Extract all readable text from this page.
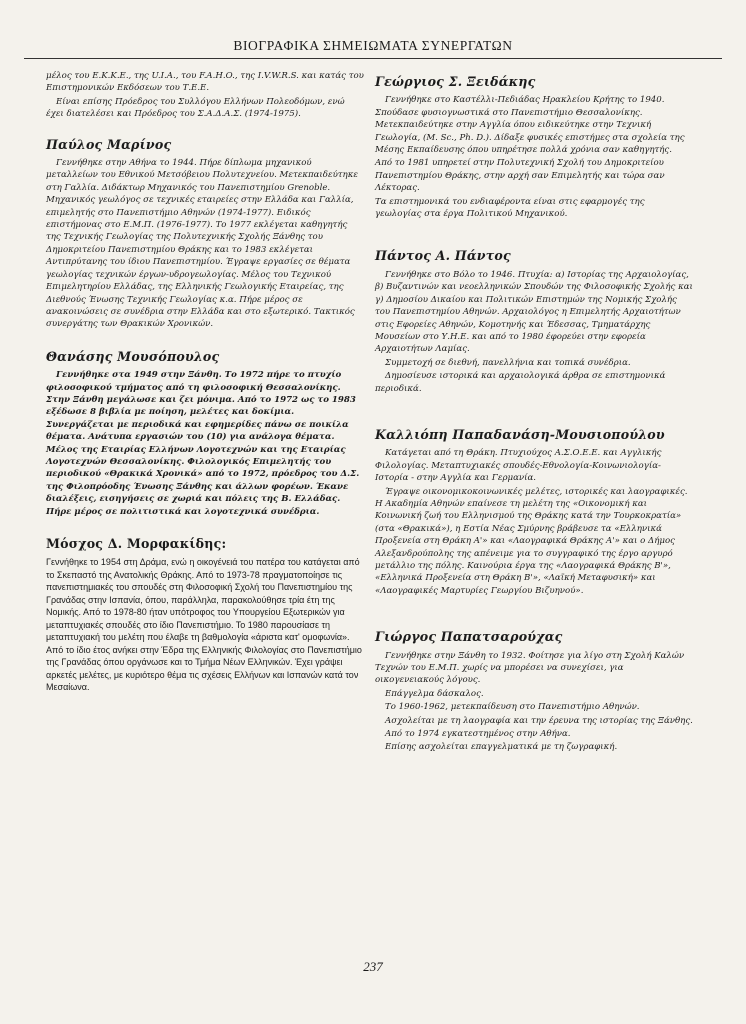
ΒΙΟΓΡΑΦΙΚΑ ΣΗΜΕΙΩΜΑΤΑ ΣΥΝΕΡΓΑΤΩΝ

μέλος του Ε.Κ.Κ.Ε., της U.I.A., του F.A.H.O., της I.V.W.R.S. και κατάς του Επιστημονικών Εκδόσεων του Τ.Ε.Ε.

Είναι επίσης Πρόεδρος του Συλλόγου Ελλήνων Πολεοδόμων, ενώ έχει διατελέσει και Πρόεδρος του Σ.Α.Δ.Α.Σ. (1974-1975).

Παύλος Μαρίνος

Γεννήθηκε στην Αθήνα το 1944. Πήρε δίπλωμα μηχανικού μεταλλείων του Εθνικού Μετσόβειου Πολυτεχνείου. Μετεκπαιδεύτηκε στη Γαλλία. Διδάκτωρ Μηχανικός του Πανεπιστημίου Grenoble. Μηχανικός γεωλόγος σε τεχνικές εταιρείες στην Ελλάδα και Γαλλία, επιμελητής στο Πανεπιστήμιο Αθηνών (1974-1977). Ειδικός επιστήμονας στο Ε.Μ.Π. (1976-1977). Το 1977 εκλέγεται καθηγητής της Τεχνικής Γεωλογίας της Πολυτεχνικής Σχολής Ξάνθης του Δημοκριτείου Πανεπιστημίου Θράκης και το 1983 εκλέγεται Αντιπρύτανης του ίδιου Πανεπιστημίου. Έγραψε εργασίες σε θέματα γεωλογίας τεχνικών έργων-υδρογεωλογίας. Μέλος του Τεχνικού Επιμελητηρίου Ελλάδας, της Ελληνικής Γεωλογικής Εταιρείας, της Διεθνούς Ένωσης Τεχνικής Γεωλογίας κ.α. Πήρε μέρος σε ανακοινώσεις σε συνέδρια στην Ελλάδα και στο εξωτερικό. Τακτικός συνεργάτης των Θρακικών Χρονικών.

Θανάσης Μουσόπουλος

Γεννήθηκε στα 1949 στην Ξάνθη. Το 1972 πήρε το πτυχίο φιλοσοφικού τμήματος από τη φιλοσοφική Θεσσαλονίκης. Στην Ξάνθη μεγάλωσε και ζει μόνιμα. Από το 1972 ως το 1983 εξέδωσε 8 βιβλία με ποίηση, μελέτες και δοκίμια. Συνεργάζεται με περιοδικά και εφημερίδες πάνω σε ποικίλα θέματα. Ανάτυπα εργασιών του (10) για ανάλογα θέματα. Μέλος της Εταιρίας Ελλήνων Λογοτεχνών και της Εταιρίας Λογοτεχνών Θεσσαλονίκης. Φιλολογικός Επιμελητής του περιοδικού «Θρακικά Χρονικά» από το 1972, πρόεδρος του Δ.Σ. της Φιλοπρόοδης Ένωσης Ξάνθης και άλλων φορέων. Έκανε διαλέξεις, εισηγήσεις σε χωριά και πόλεις της Β. Ελλάδας. Πήρε μέρος σε πολιτιστικά και λογοτεχνικά συνέδρια.

Μόσχος Δ. Μορφακίδης:

Γεννήθηκε το 1954 στη Δράμα, ενώ η οικογένειά του πατέρα του κατάγεται από το Σκεπαστό της Ανατολικής Θράκης. Από το 1973-78 πραγματοποίησε τις πανεπιστημιακές του σπουδές στη Φιλοσοφική Σχολή του Πανεπιστημίου της Γρανάδας στην Ισπανία, όπου, παράλληλα, παρακολούθησε τρία έτη της Νομικής. Από το 1978-80 ήταν υπότροφος του Υπουργείου Εξωτερικών για μεταπτυχιακές σπουδές στο ίδιο Πανεπιστήμιο. Το 1980 παρουσίασε τη μεταπτυχιακή του μελέτη που έλαβε τη βαθμολογία «άριστα κατ' ομοφωνία». Από το ίδιο έτος ανήκει στην Έδρα της Ελληνικής Φιλολογίας στο Πανεπιστήμιο της Γρανάδας όπου οργάνωσε και το Τμήμα Νέων Ελληνικών. Έχει γράψει αρκετές μελέτες, με κυριότερο θέμα τις σχέσεις Ελλήνων και Ισπανών κατά τον Μεσαίωνα.

Γεώργιος Σ. Ξειδάκης

Γεννήθηκε στο Καστέλλι-Πεδιάδας Ηρακλείου Κρήτης το 1940. Σπούδασε φυσιογνωστικά στο Πανεπιστήμιο Θεσσαλονίκης. Μετεκπαιδεύτηκε στην Αγγλία όπου ειδικεύτηκε στην Τεχνική Γεωλογία, (M. Sc., Ph. D.). Δίδαξε φυσικές επιστήμες στα σχολεία της Μέσης Εκπαίδευσης όπου υπηρέτησε πολλά χρόνια σαν καθηγητής.

Από το 1981 υπηρετεί στην Πολυτεχνική Σχολή του Δημοκριτείου Πανεπιστημίου Θράκης, στην αρχή σαν Επιμελητής και τώρα σαν Λέκτορας.

Τα επιστημονικά του ενδιαφέροντα είναι στις εφαρμογές της γεωλογίας στα έργα Πολιτικού Μηχανικού.

Πάντος Α. Πάντος

Γεννήθηκε στο Βόλο το 1946. Πτυχία: α) Ιστορίας της Αρχαιολογίας, β) Βυζαντινών και νεοελληνικών Σπουδών της Φιλοσοφικής Σχολής και γ) Δημοσίου Δικαίου και Πολιτικών Επιστημών της Νομικής Σχολής του Πανεπιστημίου Αθηνών. Αρχαιολόγος η Επιμελητής Αρχαιοτήτων στις Εφορείες Αθηνών, Κομοτηνής και Έδεσσας, Τμηματάρχης Μουσείων στο Υ.Η.Ε. και από το 1980 έφορεύει στην εφορεία Αρχαιοτήτων Λαμίας.

Συμμετοχή σε διεθνή, πανελλήνια και τοπικά συνέδρια.

Δημοσίευσε ιστορικά και αρχαιολογικά άρθρα σε επιστημονικά περιοδικά.

Καλλιόπη Παπαδανάση-Μουσιοπούλου

Κατάγεται από τη Θράκη. Πτυχιούχος Α.Σ.Ο.Ε.Ε. και Αγγλικής Φιλολογίας. Μεταπτυχιακές σπουδές-Εθνολογία-Κοινωνιολογία-Ιστορία - στην Αγγλία και Γερμανία.

Έγραψε οικονομικοκοινωνικές μελέτες, ιστορικές και λαογραφικές. Η Ακαδημία Αθηνών επαίνεσε τη μελέτη της «Οικονομική και Κοινωνική ζωή του Ελληνισμού της Θράκης κατά την Τουρκοκρατία» (στα «Θρακικά»), η Εστία Νέας Σμύρνης βράβευσε τα «Ελληνικά Προξενεία στη Θράκη Α'» και «Λαογραφικά Θράκης Α'» και ο Δήμος Αλεξανδρούπολης της απένειμε για το συγγραφικό της έργο αργυρό μετάλλιο της πόλης. Καινούρια έργα της «Λαογραφικά Θράκης Β'», «Ελληνικά Προξενεία στη Θράκη Β'», «Λαϊκή Μεταφυσική» και «Λαογραφικές Μαρτυρίες Γεωργίου Βιζυηνού».

Γιώργος Παπατσαρούχας

Γεννήθηκε στην Ξάνθη το 1932. Φοίτησε για λίγο στη Σχολή Καλών Τεχνών του Ε.Μ.Π. χωρίς να μπορέσει να συνεχίσει, για οικογενειακούς λόγους.

Επάγγελμα δάσκαλος.

Το 1960-1962, μετεκπαίδευση στο Πανεπιστήμιο Αθηνών.

Ασχολείται με τη λαογραφία και την έρευνα της ιστορίας της Ξάνθης.

Από το 1974 εγκατεστημένος στην Αθήνα.

Επίσης ασχολείται επαγγελματικά με τη ζωγραφική.

237
